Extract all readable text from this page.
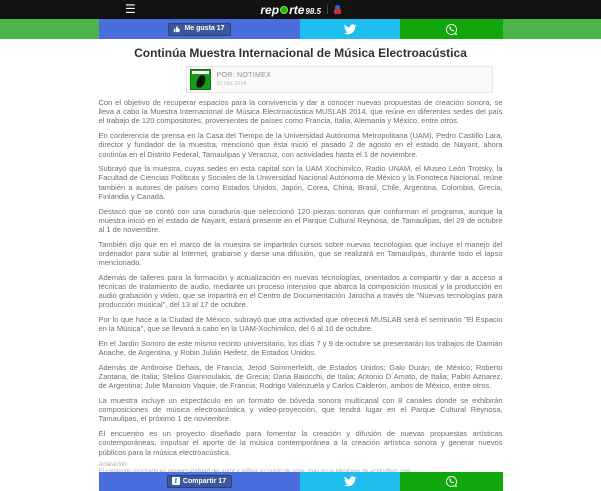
☰	rep rte 98.5 |
Me gusta 17
Continúa Muestra Internacional de Música Electroacústica
POR: NOTIMEX
01 Oct 2014

Con el objetivo de recuperar espacios para la convivencia y dar a conocer nuevas propuestas de creación sonora, se lleva a cabo la Muestra Internacional de Música Electroacústica MUSLAB 2014, que reúne en diferentes sedes del país el trabajo de 120 compositores, provenientes de países como Francia, Italia, Alemania y México, entre otros.

En conferencia de prensa en la Casa del Tiempo de la Universidad Autónoma Metropolitana (UAM), Pedro Castillo Lara, director y fundador de la muestra, mencionó que ésta inició el pasado 2 de agosto en el estado de Nayarit, ahora continúa en el Distrito Federal, Tamaulipas y Veracruz, con actividades hasta el 1 de noviembre.

Subrayó que la muestra, cuyas sedes en esta capital son la UAM Xochimilco, Radio UNAM, el Museo León Trotsky, la Facultad de Ciencias Políticas y Sociales de la Universidad Nacional Autónoma de México y la Fonoteca Nacional, reúne también a autores de países como Estados Unidos, Japón, Corea, China, Brasil, Chile, Argentina, Colombia, Grecia, Finlandia y Canadá.

Destacó que se contó con una curaduría que seleccionó 120 piezas sonoras que conforman el programa, aunque la muestra inició en el estado de Nayarit, estará presente en el Parque Cultural Reynosa, de Tamaulipas, del 29 de octubre al 1 de noviembre.

También dijo que en el marco de la muestra se impartirán cursos sobre nuevas tecnologías que incluye el manejo del ordenador para subir al Internet, grabarse y darse una difusión, que se realizará en Tamaulipas, durante todo el lapso mencionado.

Además de talleres para la formación y actualización en nuevas tecnologías, orientados a compartir y dar a acceso a técnicas de tratamiento de audio, mediante un proceso intensivo que abarca la composición musical y la producción en audio grabación y video, que se impartirá en el Centro de Documentación Jarocha a través de "Nuevas tecnologías para producción musical", del 13 al 17 de octubre.

Por lo que hace a la Ciudad de México, subrayó que otra actividad que ofrecerá MUSLAB será el seminario "El Espacio en la Música", que se llevará a cabo en la UAM-Xochimilco, del 6 al 10 de octubre.

En el Jardín Sonoro de este mismo recinto universitario, los días 7 y 9 de octubre se presentarán los trabajos de Damián Anache, de Argentina, y Robin Julián Heifetz, de Estados Unidos.

Además de Ambroise Dehais, de Francia; Jerod Sommerfeldt, de Estados Unidos; Galo Durán, de México; Roberto Zantana, de Italia; Stelios Giannoulakis, de Grecia; Daria Baiocchi, de Italia; Antonio D´Amato, de Italia; Pablo Aznarez, de Argentina; Julie Mansion Vaquie, de Francia; Rodrigo Valenzuela y Carlos Calderón, ambos de México, entre otros.

La muestra incluye un espectáculo en un formato de bóveda sonora multicanal con 8 canales donde se exhibirán composiciones de música electroacústica y video-proyección, que tendrá lugar en el Parque Cultural Reynosa, Tamaulipas, el próximo 1 de noviembre.

El encuentro es un proyecto diseñado para fomentar la creación y difusión de nuevas propuestas artísticas contemporáneas, impulsar el aporte de la música contemporánea a la creación artística sonora y generar nuevos públicos para la música electroacústica.

Aclaración:
f Compartir 17
